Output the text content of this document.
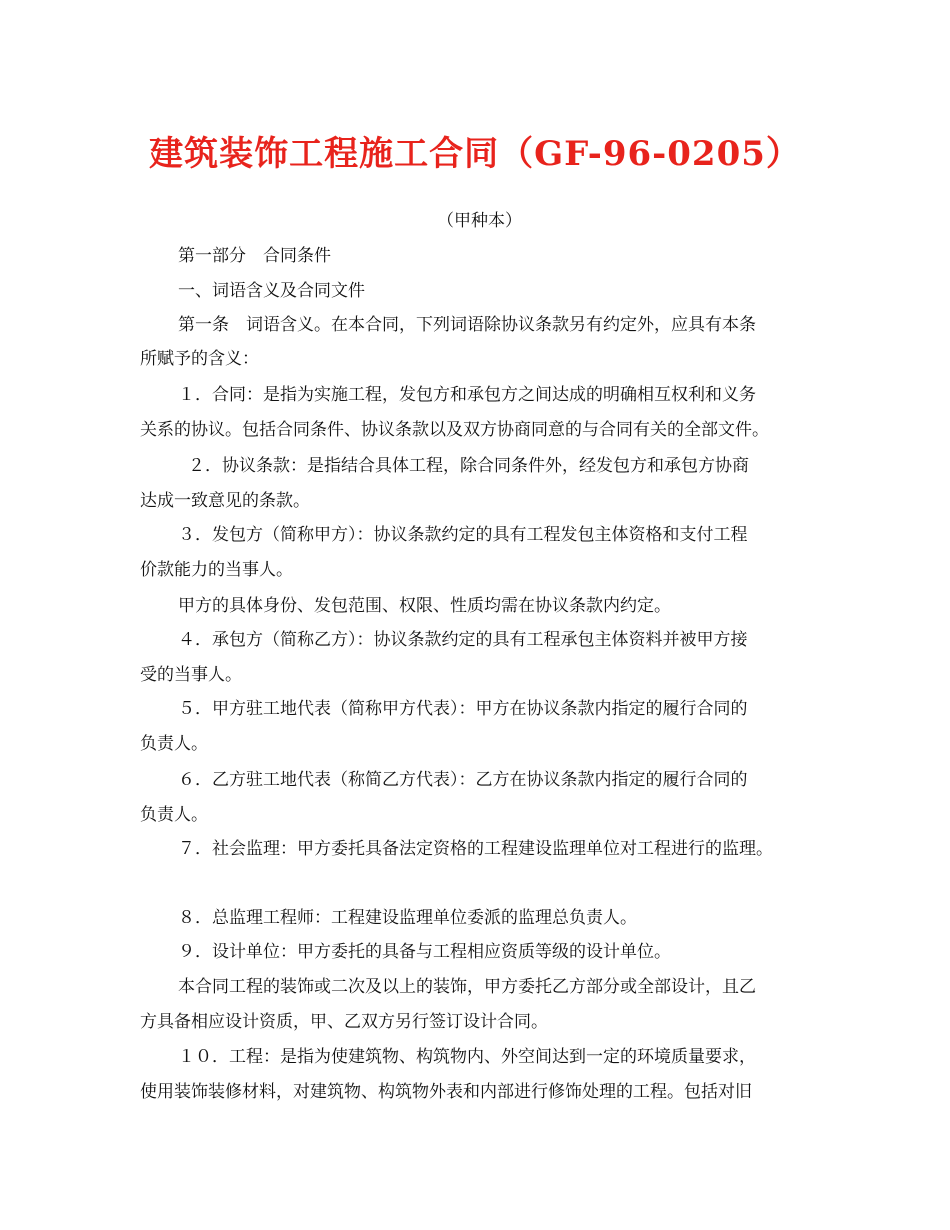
建筑装饰工程施工合同（GF-96-0205）
（甲种本）
第一部分　合同条件
一、词语含义及合同文件
第一条　词语含义。在本合同，下列词语除协议条款另有约定外，应具有本条
所赋予的含义：
１．合同：是指为实施工程，发包方和承包方之间达成的明确相互权利和义务
关系的协议。包括合同条件、协议条款以及双方协商同意的与合同有关的全部文件。
２．协议条款：是指结合具体工程，除合同条件外，经发包方和承包方协商
达成一致意见的条款。
３．发包方（简称甲方）：协议条款约定的具有工程发包主体资格和支付工程
价款能力的当事人。
甲方的具体身份、发包范围、权限、性质均需在协议条款内约定。
４．承包方（简称乙方）：协议条款约定的具有工程承包主体资料并被甲方接
受的当事人。
５．甲方驻工地代表（简称甲方代表）：甲方在协议条款内指定的履行合同的
负责人。
６．乙方驻工地代表（称简乙方代表）：乙方在协议条款内指定的履行合同的
负责人。
７．社会监理：甲方委托具备法定资格的工程建设监理单位对工程进行的监理。
８．总监理工程师：工程建设监理单位委派的监理总负责人。
９．设计单位：甲方委托的具备与工程相应资质等级的设计单位。
本合同工程的装饰或二次及以上的装饰，甲方委托乙方部分或全部设计，且乙
方具备相应设计资质，甲、乙双方另行签订设计合同。
１０．工程：是指为使建筑物、构筑物内、外空间达到一定的环境质量要求，
使用装饰装修材料，对建筑物、构筑物外表和内部进行修饰处理的工程。包括对旧
